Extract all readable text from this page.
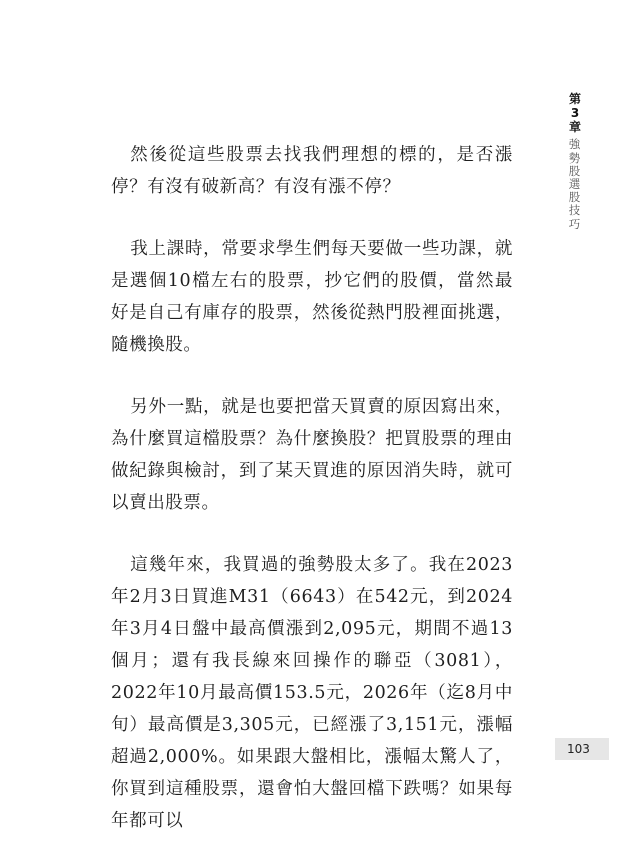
第
3
章
強
勢
股
選
股
技
巧

然後從這些股票去找我們理想的標的，是否漲停？有沒有破新高？有沒有漲不停？

我上課時，常要求學生們每天要做一些功課，就是選個10檔左右的股票，抄它們的股價，當然最好是自己有庫存的股票，然後從熱門股裡面挑選，隨機換股。

另外一點，就是也要把當天買賣的原因寫出來，為什麼買這檔股票？為什麼換股？把買股票的理由做紀錄與檢討，到了某天買進的原因消失時，就可以賣出股票。

這幾年來，我買過的強勢股太多了。我在2023年2月3日買進M31（6643）在542元，到2024年3月4日盤中最高價漲到2,095元，期間不過13個月；還有我長線來回操作的聯亞（3081），2022年10月最高價153.5元，2026年（迄8月中旬）最高價是3,305元，已經漲了3,151元，漲幅超過2,000%。如果跟大盤相比，漲幅太驚人了，你買到這種股票，還會怕大盤回檔下跌嗎？如果每年都可以

103
